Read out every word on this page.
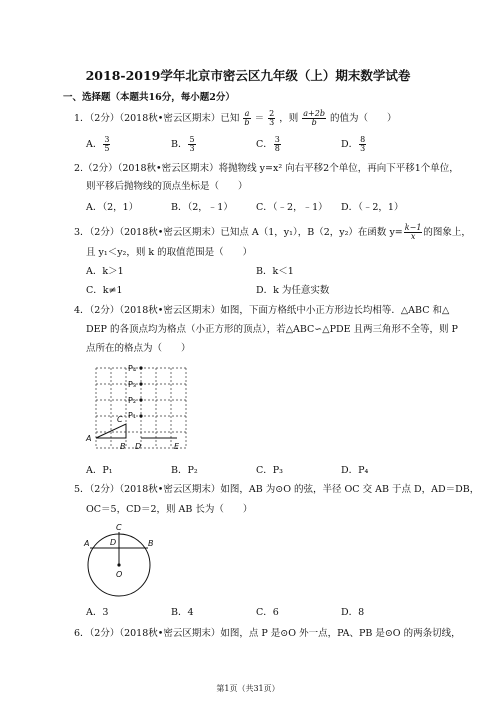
2018-2019学年北京市密云区九年级（上）期末数学试卷
一、选择题（本题共16分，每小题2分）
1．（2分）（2018秋•密云区期末）已知 $\frac{a}{b} = \frac{2}{3}$ ，则 $\frac{a+2b}{b}$ 的值为（　　）
A． $\frac{3}{5}$	B． $\frac{5}{3}$	C． $\frac{3}{8}$	D． $\frac{8}{3}$
2.（2分）（2018秋•密云区期末）将抛物线 y=x² 向右平移2个单位，再向下平移1个单位，
则平移后抛物线的顶点坐标是（　　）
A．（2，1）	B．（2，﹣1） C．（﹣2，﹣1） D．（﹣2，1）
3．（2分）（2018秋•密云区期末）已知点 A（1，y₁），B（2，y₂）在函数 $y= \frac{k-1}{x}$ 的图象上，
且 y₁＜y₂，则 k 的取值范围是（　　）
A．k＞1	B．k＜1
C．k≠1	D．k 为任意实数
4．（2分）（2018秋•密云区期末）如图，下面方格纸中小正方形边长均相等．△ABC 和△
DEP 的各顶点均为格点（小正方形的顶点），若△ABC∽△PDE 且两三角形不全等，则 P
点所在的格点为（　　）
P₄
P₃
P₂
P₁
C
A
B D	E
A．P₁	B．P₂	C．P₃	D．P₄
5．（2分）（2018秋•密云区期末）如图，AB 为⊙O 的弦，半径 OC 交 AB 于点 D，AD＝DB，
OC＝5，CD＝2，则 AB 长为（　　）
C
A	D	B
O
A．3	B．4	C．6	D．8
6．（2分）（2018秋•密云区期末）如图，点 P 是⊙O 外一点，PA、PB 是⊙O 的两条切线，
第1页（共31页）
